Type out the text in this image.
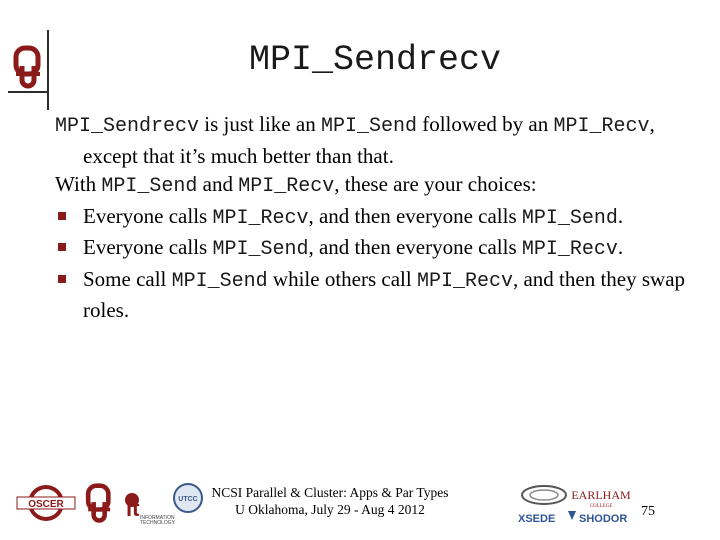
MPI_Sendrecv

MPI_Sendrecv is just like an MPI_Send followed by an MPI_Recv, except that it’s much better than that.

With MPI_Send and MPI_Recv, these are your choices:

Everyone calls MPI_Recv, and then everyone calls MPI_Send.
Everyone calls MPI_Send, and then everyone calls MPI_Recv.
Some call MPI_Send while others call MPI_Recv, and then they swap roles.
OSCER	it INFORMATION
TECHNOLOGY
UTCC	NCSI Parallel & Cluster: Apps & Par Types
U Oklahoma, July 29 - Aug 4 2012
EARLHAM
COLLEGE
XSEDE SHODOR 75
